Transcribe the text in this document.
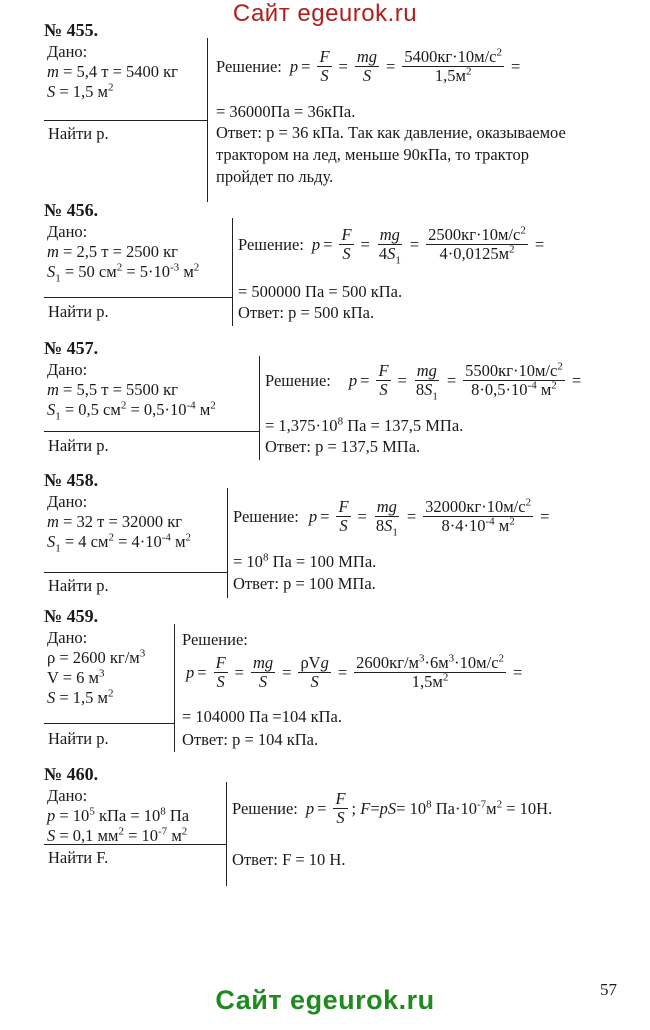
Сайт egeurok.ru
№ 455.
Дано:
m = 5,4 т = 5400 кг
S = 1,5 $м^2$
Найти p.
Решение: $p = \frac{F}{S} = \frac{mg}{S} = \frac{5400кг\cdot 10м/с^2}{1,5м^2}$ =
= 36000Па = 36кПа.
Ответ: p = 36 кПа. Так как давление, оказываемое
трактором на лед, меньше 90кПа, то трактор
пройдет по льду.
№ 456.
Дано:
m = 2,5 т = 2500 кг
$S_1 = 50$ $см^2 = 5\cdot 10^{-3}$ $м^2$
Найти p.
Решение: $p = \frac{F}{S} = \frac{mg}{4S_1} = \frac{2500кг\cdot 10м/с^2}{4\cdot 0,0125м^2}$ =
= 500000 Па = 500 кПа.
Ответ: p = 500 кПа.
№ 457.
Дано:
m = 5,5 т = 5500 кг
$S_1 = 0,5$ $см^2 = 0,5\cdot 10^{-4}$ $м^2$
Найти p.
Решение: $p = \frac{F}{S} = \frac{mg}{8S_1} = \frac{5500кг\cdot 10м/с^2}{8\cdot 0,5\cdot 10^{-4} м^2}$ =
= $1,375\cdot 10^8$ Па = 137,5 МПа.
Ответ: p = 137,5 МПа.
№ 458.
Дано:
m = 32 т = 32000 кг
$S_1 = 4$ $см^2 = 4\cdot 10^{-4}$ $м^2$
Найти p.
Решение: $p = \frac{F}{S} = \frac{mg}{8S_1} = \frac{32000кг\cdot 10м/с^2}{8\cdot 4\cdot 10^{-4} м^2}$ =
= $10^8$ Па = 100 МПа.
Ответ: p = 100 МПа.
№ 459.
Дано:
ρ = 2600 $кг/м^3$
V = 6 $м^3$
S = 1,5 $м^2$
Найти p.
Решение:
$p = \frac{F}{S} = \frac{mg}{S} = \frac{\text{ρVg}}{S} = \frac{2600кг/м^3\cdot 6м^3\cdot 10м/с^2}{1,5м^2}$ =
= 104000 Па =104 кПа.
Ответ: p = 104 кПа.
№ 460.
Дано:
$p = 10^5$ кПа = $10^8$ Па
S = 0,1 $мм^2 = 10^{-7}$ $м^2$
Найти F.
Решение: $p = \frac{F}{S}$ ; $F=pS= 10^8$ $Па\cdot 10^{-7}м^2 = 10Н$.
Ответ: F = 10 Н.
57
Сайт egeurok.ru
